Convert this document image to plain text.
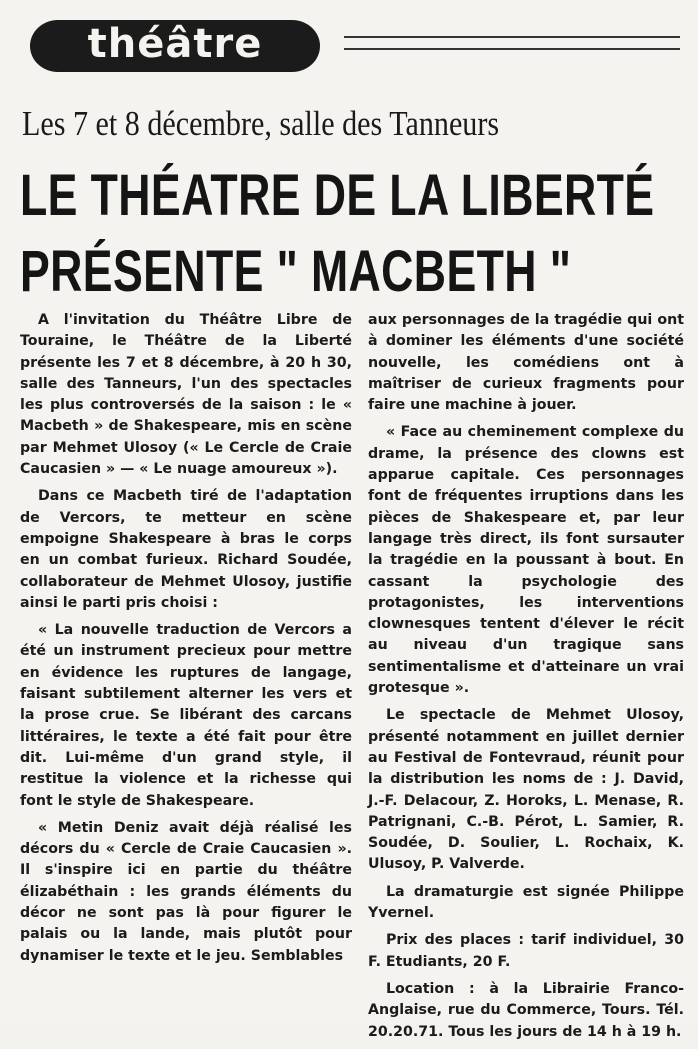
théâtre
Les 7 et 8 décembre, salle des Tanneurs
LE THÉATRE DE LA LIBERTÉ
PRÉSENTE " MACBETH "

A l'invitation du Théâtre Libre de Touraine, le Théâtre de la Liberté présente les 7 et 8 décembre, à 20 h 30, salle des Tanneurs, l'un des spectacles les plus controversés de la saison : le « Macbeth » de Shakespeare, mis en scène par Mehmet Ulosoy (« Le Cercle de Craie Caucasien » — « Le nuage amoureux »).

Dans ce Macbeth tiré de l'adaptation de Vercors, te metteur en scène empoigne Shakespeare à bras le corps en un combat furieux. Richard Soudée, collaborateur de Mehmet Ulosoy, justifie ainsi le parti pris choisi :

« La nouvelle traduction de Vercors a été un instrument precieux pour mettre en évidence les ruptures de langage, faisant subtilement alterner les vers et la prose crue. Se libérant des carcans littéraires, le texte a été fait pour être dit. Lui-même d'un grand style, il restitue la violence et la richesse qui font le style de Shakespeare.

« Metin Deniz avait déjà réalisé les décors du « Cercle de Craie Caucasien ». Il s'inspire ici en partie du théâtre élizabéthain : les grands éléments du décor ne sont pas là pour figurer le palais ou la lande, mais plutôt pour dynamiser le texte et le jeu. Semblables

aux personnages de la tragédie qui ont à dominer les éléments d'une société nouvelle, les comédiens ont à maîtriser de curieux fragments pour faire une machine à jouer.

« Face au cheminement complexe du drame, la présence des clowns est apparue capitale. Ces personnages font de fréquentes irruptions dans les pièces de Shakespeare et, par leur langage très direct, ils font sursauter la tragédie en la poussant à bout. En cassant la psychologie des protagonistes, les interventions clownesques tentent d'élever le récit au niveau d'un tragique sans sentimentalisme et d'atteinare un vrai grotesque ».

Le spectacle de Mehmet Ulosoy, présenté notamment en juillet dernier au Festival de Fontevraud, réunit pour la distribution les noms de : J. David, J.-F. Delacour, Z. Horoks, L. Menase, R. Patrignani, C.-B. Pérot, L. Samier, R. Soudée, D. Soulier, L. Rochaix, K. Ulusoy, P. Valverde.

La dramaturgie est signée Philippe Yvernel.

Prix des places : tarif individuel, 30 F. Etudiants, 20 F.

Location : à la Librairie Franco-Anglaise, rue du Commerce, Tours. Tél. 20.20.71. Tous les jours de 14 h à 19 h.
